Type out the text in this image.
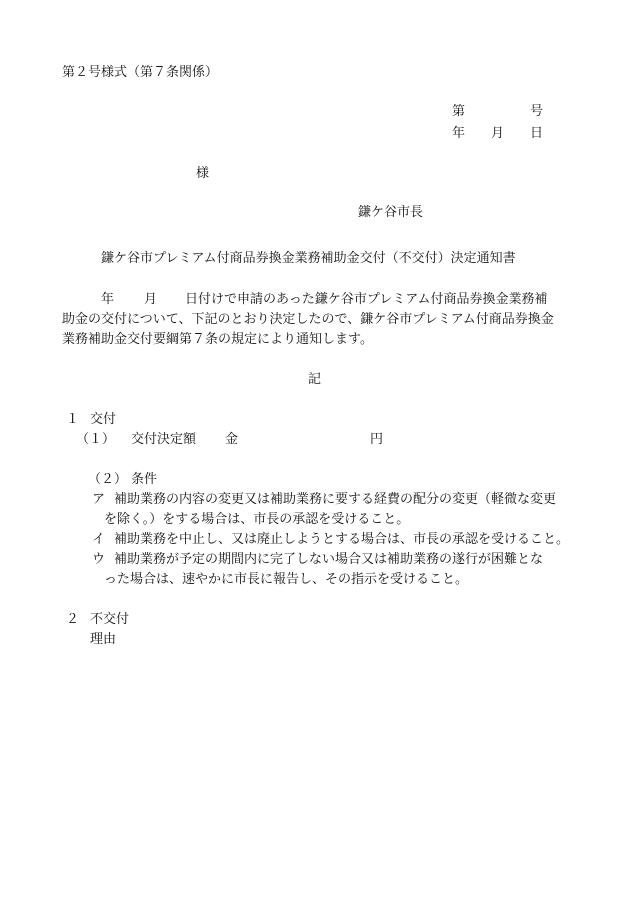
第２号様式（第７条関係）
第	号
年 月 日
様
鎌ケ谷市長
鎌ケ谷市プレミアム付商品券換金業務補助金交付（不交付）決定通知書
年 月 日付けで申請のあった鎌ケ谷市プレミアム付商品券換金業務補
助金の交付について、下記のとおり決定したので、鎌ケ谷市プレミアム付商品券換金
業務補助金交付要綱第７条の規定により通知します。
記
１ 交付
（１） 交付決定額 金	円
（２） 条件
ア 補助業務の内容の変更又は補助業務に要する経費の配分の変更（軽微な変更
を除く。）をする場合は、市長の承認を受けること。
イ 補助業務を中止し、又は廃止しようとする場合は、市長の承認を受けること。
ウ 補助業務が予定の期間内に完了しない場合又は補助業務の遂行が困難とな
った場合は、速やかに市長に報告し、その指示を受けること。
２ 不交付
理由
